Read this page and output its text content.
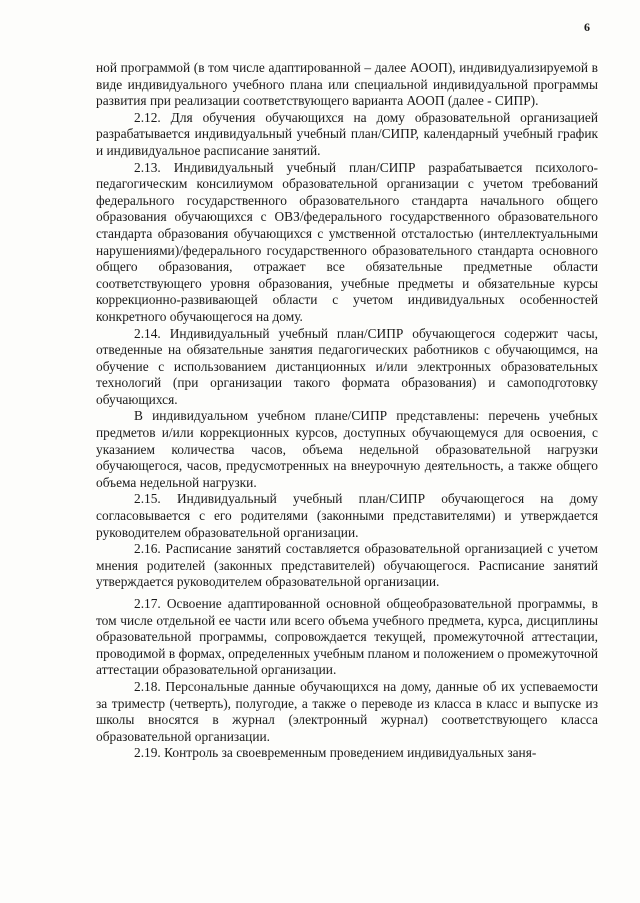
6

ной программой (в том числе адаптированной – далее АООП), индивидуализируемой в виде индивидуального учебного плана или специальной индивидуальной программы развития при реализации соответствующего варианта АООП (далее - СИПР).

2.12. Для обучения обучающихся на дому образовательной организацией разрабатывается индивидуальный учебный план/СИПР, календарный учебный график и индивидуальное расписание занятий.

2.13. Индивидуальный учебный план/СИПР разрабатывается психолого-педагогическим консилиумом образовательной организации с учетом требований федерального государственного образовательного стандарта начального общего образования обучающихся с ОВЗ/федерального государственного образовательного стандарта образования обучающихся с умственной отсталостью (интеллектуальными нарушениями)/федерального государственного образовательного стандарта основного общего образования, отражает все обязательные предметные области соответствующего уровня образования, учебные предметы и обязательные курсы коррекционно-развивающей области с учетом индивидуальных особенностей конкретного обучающегося на дому.

2.14. Индивидуальный учебный план/СИПР обучающегося содержит часы, отведенные на обязательные занятия педагогических работников с обучающимся, на обучение с использованием дистанционных и/или электронных образовательных технологий (при организации такого формата образования) и самоподготовку обучающихся.

В индивидуальном учебном плане/СИПР представлены: перечень учебных предметов и/или коррекционных курсов, доступных обучающемуся для освоения, с указанием количества часов, объема недельной образовательной нагрузки обучающегося, часов, предусмотренных на внеурочную деятельность, а также общего объема недельной нагрузки.

2.15. Индивидуальный учебный план/СИПР обучающегося на дому согласовывается с его родителями (законными представителями) и утверждается руководителем образовательной организации.

2.16. Расписание занятий составляется образовательной организацией с учетом мнения родителей (законных представителей) обучающегося. Расписание занятий утверждается руководителем образовательной организации.

2.17. Освоение адаптированной основной общеобразовательной программы, в том числе отдельной ее части или всего объема учебного предмета, курса, дисциплины образовательной программы, сопровождается текущей, промежуточной аттестации, проводимой в формах, определенных учебным планом и положением о промежуточной аттестации образовательной организации.

2.18. Персональные данные обучающихся на дому, данные об их успеваемости за триместр (четверть), полугодие, а также о переводе из класса в класс и выпуске из школы вносятся в журнал (электронный журнал) соответствующего класса образовательной организации.

2.19. Контроль за своевременным проведением индивидуальных заня-
